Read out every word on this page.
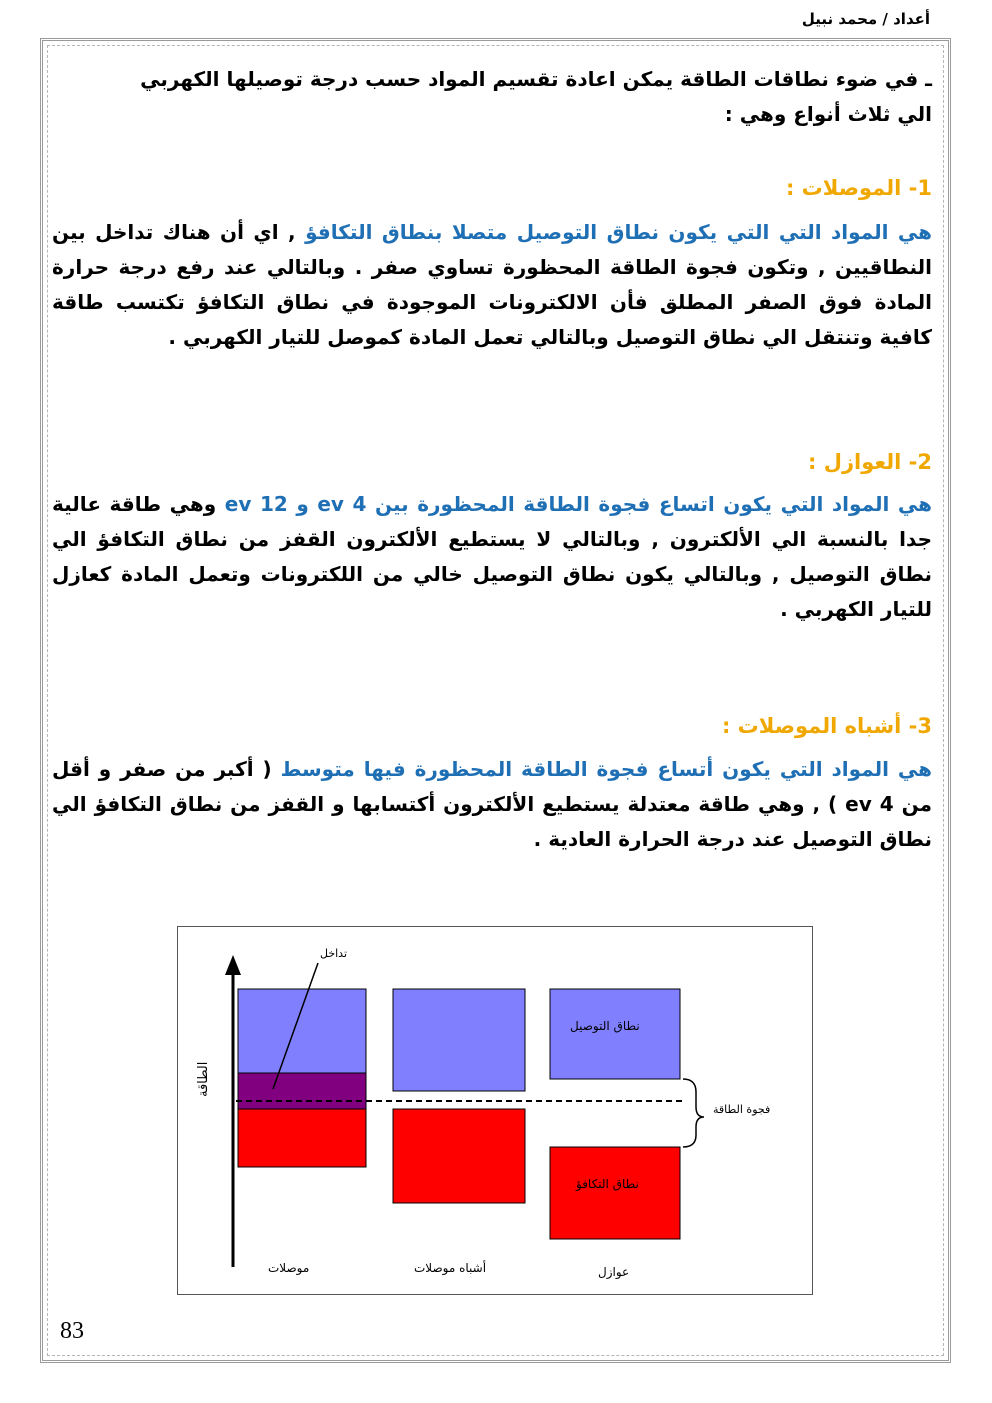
أعداد / محمد نبيل
ـ في ضوء نطاقات الطاقة يمكن اعادة تقسيم المواد حسب درجة توصيلها الكهربي
الي ثلاث أنواع وهي :
1- الموصلات :
هي المواد التي التي يكون نطاق التوصيل متصلا بنطاق التكافؤ , اي أن هناك تداخل بين النطاقيين , وتكون فجوة الطاقة المحظورة تساوي صفر . وبالتالي عند رفع درجة حرارة المادة فوق الصفر المطلق فأن الالكترونات الموجودة في نطاق التكافؤ تكتسب طاقة كافية وتنتقل الي نطاق التوصيل وبالتالي تعمل المادة كموصل للتيار الكهربي .
2- العوازل :
هي المواد التي يكون اتساع فجوة الطاقة المحظورة بين 4 ev و 12 ev وهي طاقة عالية جدا بالنسبة الي الألكترون , وبالتالي لا يستطيع الألكترون القفز من نطاق التكافؤ الي نطاق التوصيل , وبالتالي يكون نطاق التوصيل خالي من اللكترونات وتعمل المادة كعازل للتيار الكهربي .
3- أشباه الموصلات :
هي المواد التي يكون أتساع فجوة الطاقة المحظورة فيها متوسط ( أكبر من صفر و أقل من 4 ev ) , وهي طاقة معتدلة يستطيع الألكترون أكتسابها و القفز من نطاق التكافؤ الي نطاق التوصيل عند درجة الحرارة العادية .
تداخل
الطاقة
نطاق التوصيل
نطاق التكافؤ
فجوة الطاقة
موصلات	أشباه موصلات	عوازل
83
